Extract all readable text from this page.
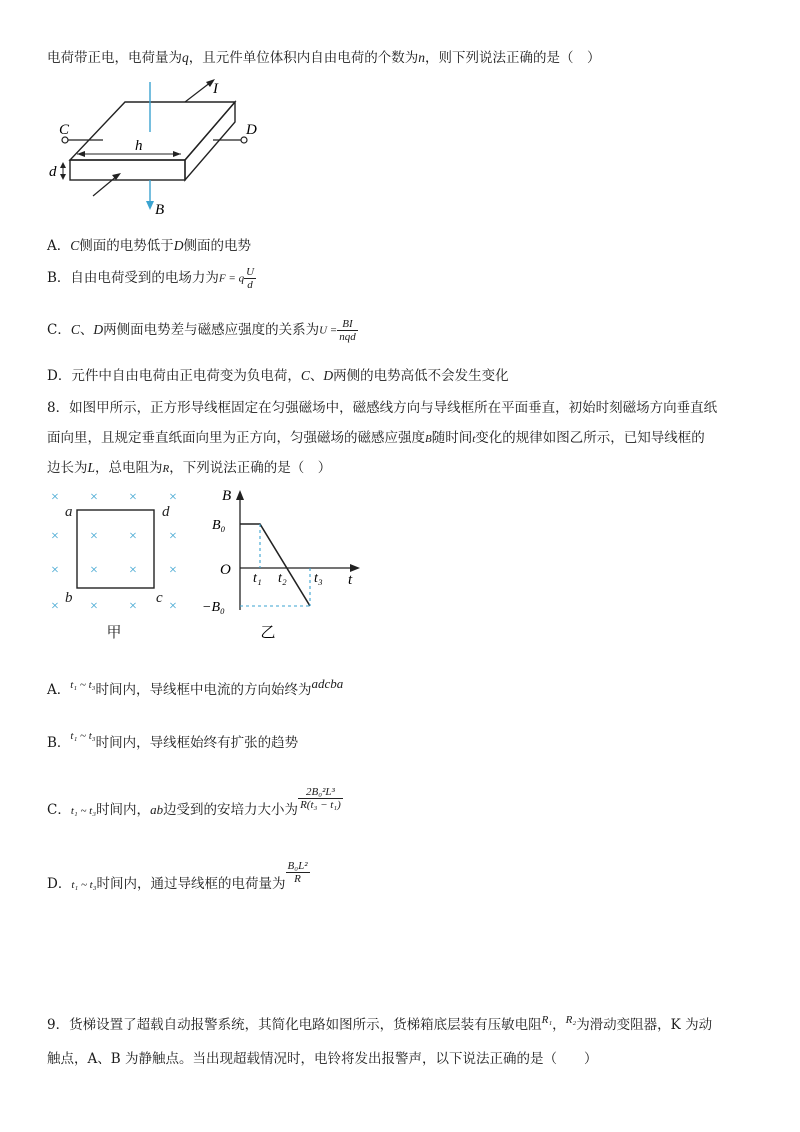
电荷带正电，电荷量为q，且元件单位体积内自由电荷的个数为n，则下列说法正确的是（　）
C	D
I
h
d
B
A．C侧面的电势低于D侧面的电势
B．自由电荷受到的电场力为F = q $\frac{U}{d}$
C．C、D两侧面电势差与磁感应强度的关系为$U = \frac{BI}{\text{nqd}}$
D．元件中自由电荷由正电荷变为负电荷，C、D两侧的电势高低不会发生变化
8．如图甲所示，正方形导线框固定在匀强磁场中，磁感线方向与导线框所在平面垂直，初始时刻磁场方向垂直纸
面向里，且规定垂直纸面向里为正方向，匀强磁场的磁感应强度B随时间t变化的规律如图乙所示，已知导线框的
边长为L，总电阻为R，下列说法正确的是（　）
× × × ×
× × × ×
× × × ×
× × × ×
a	d
b	c
甲
B
t
O
B₀
−B₀
t₁ t₂ t₃
乙
A．$^{t_1 \sim t_3}$时间内，导线框中电流的方向始终为adcba
B．$^{t_1 \sim t_3}$时间内，导线框始终有扩张的趋势
C．t₁ ~ t₃时间内，ab边受到的安培力大小为 $\frac{\text{2B₀²L³}}{\text{R(t₃ − t₁)}}$
D．t₁ ~ t₃时间内，通过导线框的电荷量为 $\frac{\text{B₀L²}}{R}$
9．货梯设置了超载自动报警系统，其简化电路如图所示，货梯箱底层装有压敏电阻$^{R_1}$，$^{R_2}$为滑动变阻器，K 为动
触点，A、B 为静触点。当出现超载情况时，电铃将发出报警声，以下说法正确的是（　　）
